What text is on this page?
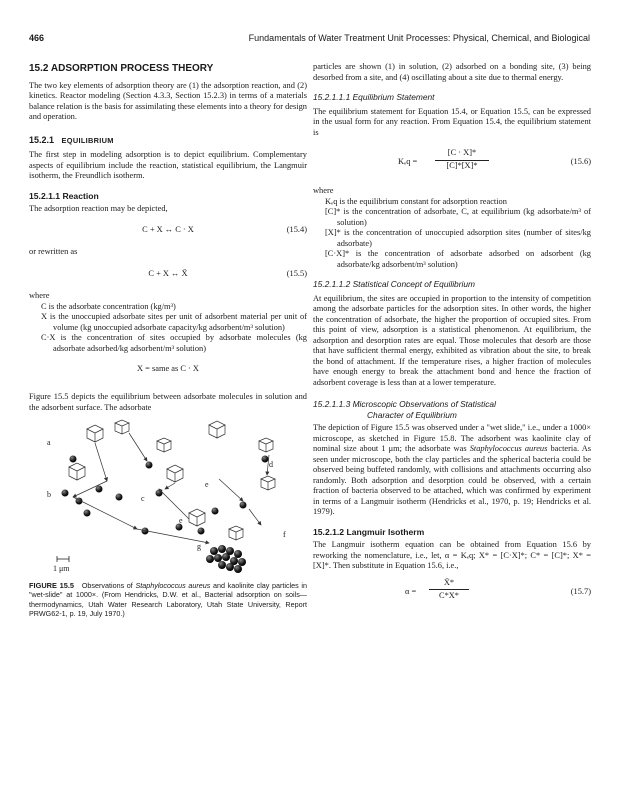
466	Fundamentals of Water Treatment Unit Processes: Physical, Chemical, and Biological
15.2 ADSORPTION PROCESS THEORY

The two key elements of adsorption theory are (1) the adsorption reaction, and (2) kinetics. Reactor modeling (Section 4.3.3, Section 15.2.3) in terms of a materials balance relation is the basis for assimilating these elements into a theory for design and operation.

15.2.1 EQUILIBRIUM

The first step in modeling adsorption is to depict equilibrium. Complementary aspects of equilibrium include the reaction, statistical equilibrium, the Langmuir isotherm, the Freundlich isotherm.

15.2.1.1 Reaction

The adsorption reaction may be depicted,

C + X ↔ C · X	(15.4)

or rewritten as

C + X ↔ X̄	(15.5)

where

C is the adsorbate concentration (kg/m³)

X is the unoccupied adsorbate sites per unit of adsorbent material per unit of volume (kg unoccupied adsorbate capacity/kg adsorbent/m³ solution)

C·X is the concentration of sites occupied by adsorbate molecules (kg adsorbate adsorbed/kg adsorbent/m³ solution)

X = same as C · X

Figure 15.5 depicts the equilibrium between adsorbate molecules in solution and the adsorbent surface. The adsorbate

a
b	c
d
e
e
f
g
1 μm
FIGURE 15.5 Observations of Staphylococcus aureus and kaolinite clay particles in "wet-slide" at 1000×. (From Hendricks, D.W. et al., Bacterial adsorption on soils—thermodynamics, Utah Water Research Laboratory, Utah State University, Report PRWG62-1, p. 19, July 1970.)

particles are shown (1) in solution, (2) adsorbed on a bonding site, (3) being desorbed from a site, and (4) oscillating about a site due to thermal energy.

15.2.1.1.1 Equilibrium Statement

The equilibrium statement for Equation 15.4, or Equation 15.5, can be expressed in the usual form for any reaction. From Equation 15.4, the equilibrium statement is

Kₑq =
[C · X]*
[C]*[X]*	(15.6)

where

Kₑq is the equilibrium constant for adsorption reaction

[C]* is the concentration of adsorbate, C, at equilibrium (kg adsorbate/m³ of solution)

[X]* is the concentration of unoccupied adsorption sites (number of sites/kg adsorbate)

[C·X]* is the concentration of adsorbate adsorbed on adsorbent (kg adsorbate/kg adsorbent/m³ solution)

15.2.1.1.2 Statistical Concept of Equilibrium

At equilibrium, the sites are occupied in proportion to the intensity of competition among the adsorbate particles for the adsorption sites. In other words, the higher the concentration of adsorbate, the higher the proportion of occupied sites. From this point of view, adsorption is a statistical phenomenon. At equilibrium, the adsorption and desorption rates are equal. Those molecules that desorb are those that have sufficient thermal energy, exhibited as vibration about the site, to break the bond of attachment. If the temperature rises, a higher fraction of molecules have enough energy to break the attachment bond and hence the fraction of adsorbent coverage is less than at a lower temperature.

15.2.1.1.3 Microscopic Observations of Statistical
Character of Equilibrium

The depiction of Figure 15.5 was observed under a "wet slide," i.e., under a 1000× microscope, as sketched in Figure 15.8. The adsorbent was kaolinite clay of nominal size about 1 μm; the adsorbate was Staphylococcus aureus bacteria. As seen under microscope, both the clay particles and the spherical bacteria could be observed being buffeted randomly, with collisions and attachments occurring also randomly. Both adsorption and desorption could be observed, with a certain fraction of bacteria observed to be attached, which was confirmed by experiment in terms of a Langmuir isotherm (Hendricks et al., 1970, p. 19; Hendricks et al. 1979).

15.2.1.2 Langmuir Isotherm

The Langmuir isotherm equation can be obtained from Equation 15.6 by reworking the nomenclature, i.e., let, α = Kₑq; X* = [C·X]*; C* = [C]*; X* = [X]*. Then substitute in Equation 15.6, i.e.,

α =
X̄*
C*X*	(15.7)
